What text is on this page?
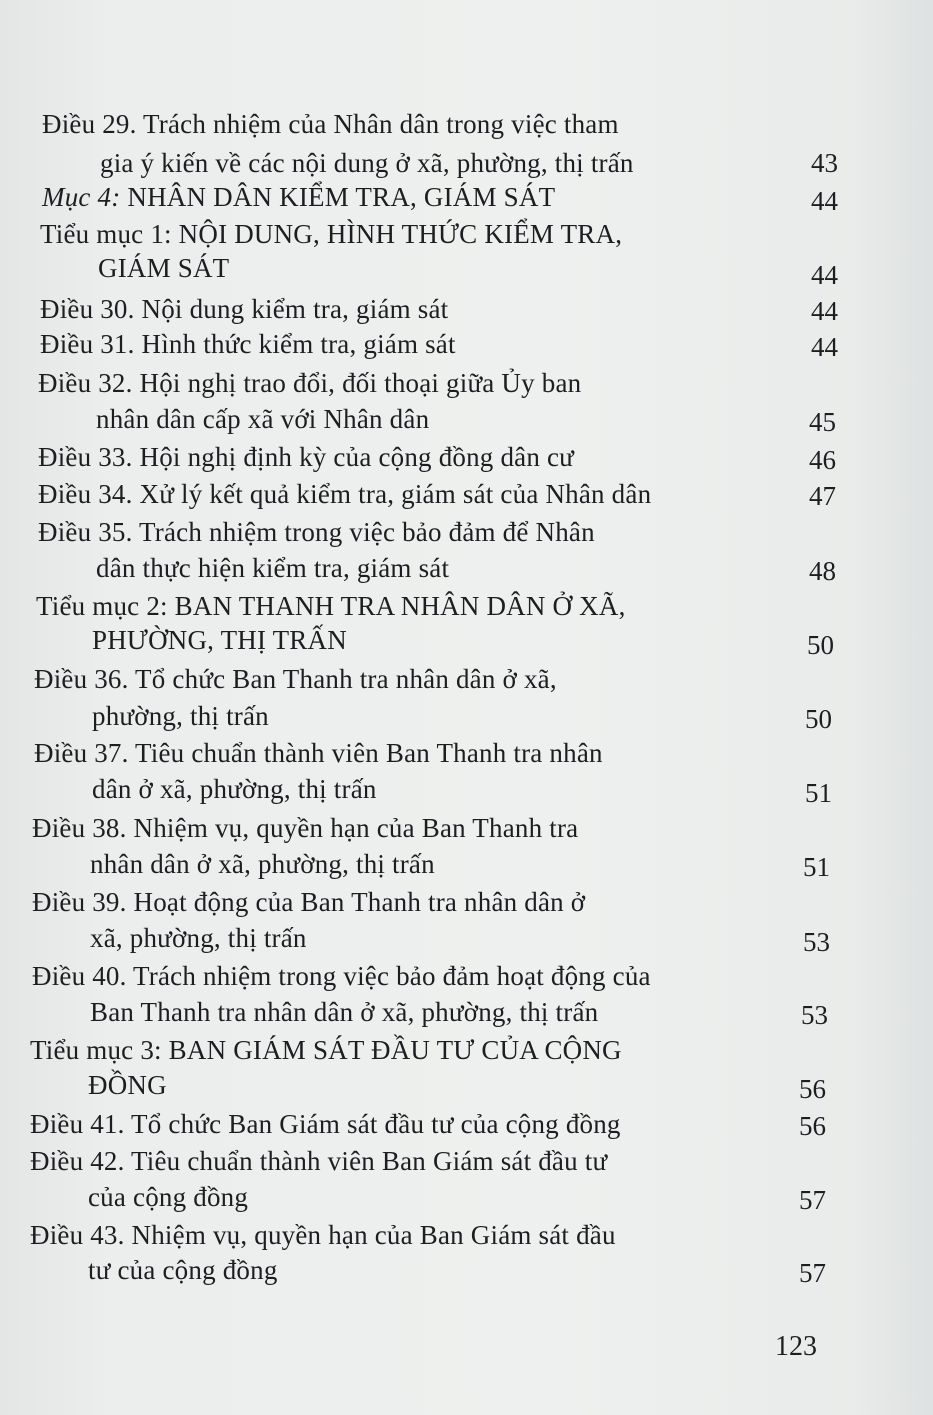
Điều 29. Trách nhiệm của Nhân dân trong việc tham
gia ý kiến về các nội dung ở xã, phường, thị trấn	43
Mục 4: NHÂN DÂN KIỂM TRA, GIÁM SÁT	44
Tiểu mục 1: NỘI DUNG, HÌNH THỨC KIỂM TRA,
GIÁM SÁT	44
Điều 30. Nội dung kiểm tra, giám sát	44
Điều 31. Hình thức kiểm tra, giám sát	44
Điều 32. Hội nghị trao đổi, đối thoại giữa Ủy ban
nhân dân cấp xã với Nhân dân	45
Điều 33. Hội nghị định kỳ của cộng đồng dân cư	46
Điều 34. Xử lý kết quả kiểm tra, giám sát của Nhân dân	47
Điều 35. Trách nhiệm trong việc bảo đảm để Nhân
dân thực hiện kiểm tra, giám sát	48
Tiểu mục 2: BAN THANH TRA NHÂN DÂN Ở XÃ,
PHƯỜNG, THỊ TRẤN	50
Điều 36. Tổ chức Ban Thanh tra nhân dân ở xã,
phường, thị trấn	50
Điều 37. Tiêu chuẩn thành viên Ban Thanh tra nhân
dân ở xã, phường, thị trấn	51
Điều 38. Nhiệm vụ, quyền hạn của Ban Thanh tra
nhân dân ở xã, phường, thị trấn	51
Điều 39. Hoạt động của Ban Thanh tra nhân dân ở
xã, phường, thị trấn	53
Điều 40. Trách nhiệm trong việc bảo đảm hoạt động của
Ban Thanh tra nhân dân ở xã, phường, thị trấn	53
Tiểu mục 3: BAN GIÁM SÁT ĐẦU TƯ CỦA CỘNG
ĐỒNG	56
Điều 41. Tổ chức Ban Giám sát đầu tư của cộng đồng	56
Điều 42. Tiêu chuẩn thành viên Ban Giám sát đầu tư
của cộng đồng	57
Điều 43. Nhiệm vụ, quyền hạn của Ban Giám sát đầu
tư của cộng đồng	57
123
